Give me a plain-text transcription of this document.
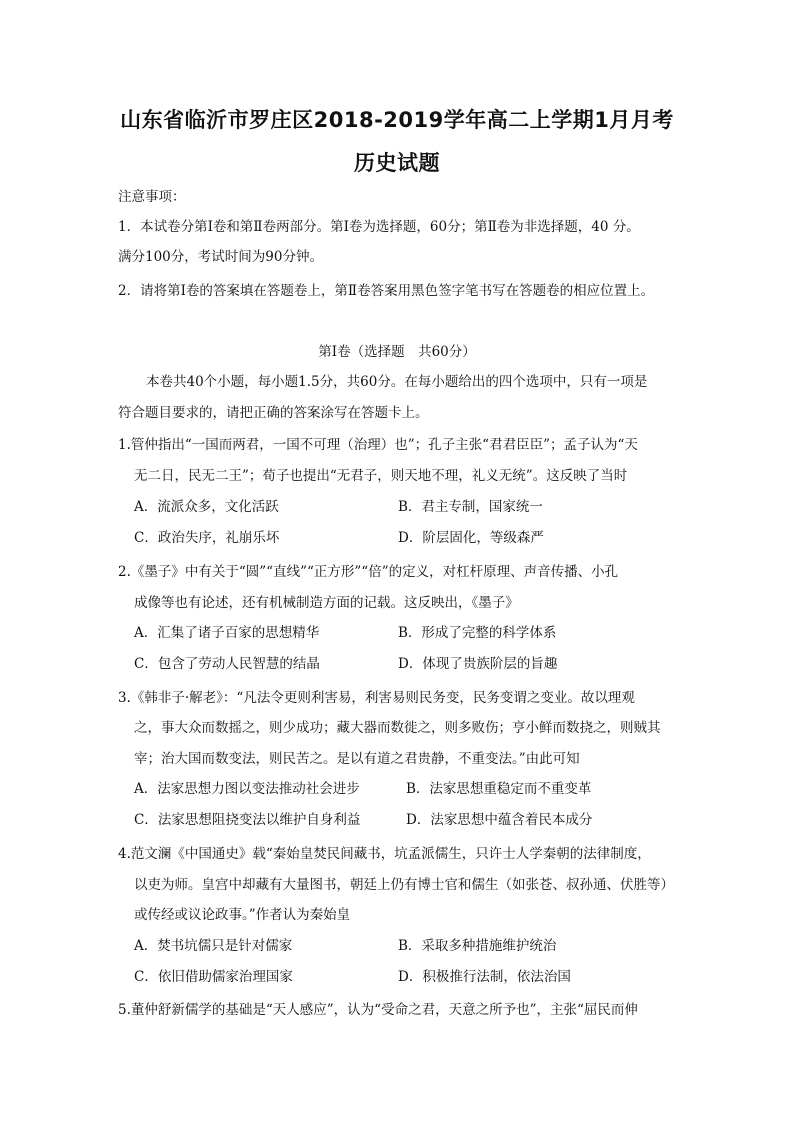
山东省临沂市罗庄区2018-2019学年高二上学期1月月考
历史试题
注意事项：
1．本试卷分第Ⅰ卷和第Ⅱ卷两部分。第Ⅰ卷为选择题，60分；第Ⅱ卷为非选择题，40 分。
满分100分，考试时间为90分钟。
2．请将第Ⅰ卷的答案填在答题卷上，第Ⅱ卷答案用黑色签字笔书写在答题卷的相应位置上。
第Ⅰ卷（选择题　共60分）
本卷共40个小题，每小题1.5分，共60分。在每小题给出的四个选项中，只有一项是
符合题目要求的，请把正确的答案涂写在答题卡上。
1.管仲指出“一国而两君，一国不可理（治理）也”；孔子主张“君君臣臣”；孟子认为“天
无二日，民无二王”；荀子也提出“无君子，则天地不理，礼义无统”。这反映了当时
A．流派众多，文化活跃	B．君主专制，国家统一
C．政治失序，礼崩乐坏	D．阶层固化，等级森严
2.《墨子》中有关于“圆”“直线”“正方形”“倍”的定义，对杠杆原理、声音传播、小孔
成像等也有论述，还有机械制造方面的记载。这反映出，《墨子》
A．汇集了诸子百家的思想精华	B．形成了完整的科学体系
C．包含了劳动人民智慧的结晶	D．体现了贵族阶层的旨趣
3.《韩非子·解老》：“凡法令更则利害易，利害易则民务变，民务变谓之变业。故以理观
之，事大众而数摇之，则少成功；藏大器而数徙之，则多败伤；亨小鲜而数挠之，则贼其
宰；治大国而数变法，则民苦之。是以有道之君贵静，不重变法。”由此可知
A．法家思想力图以变法推动社会进步	B．法家思想重稳定而不重变革
C．法家思想阻挠变法以维护自身利益	D．法家思想中蕴含着民本成分
4.范文澜《中国通史》载“秦始皇焚民间藏书，坑孟派儒生，只许士人学秦朝的法律制度，
以吏为师。皇宫中却藏有大量图书，朝廷上仍有博士官和儒生（如张苍、叔孙通、伏胜等）
或传经或议论政事。”作者认为秦始皇
A．焚书坑儒只是针对儒家	B．采取多种措施维护统治
C．依旧借助儒家治理国家	D．积极推行法制，依法治国
5.董仲舒新儒学的基础是“天人感应”，认为“受命之君，天意之所予也”，主张“屈民而伸
